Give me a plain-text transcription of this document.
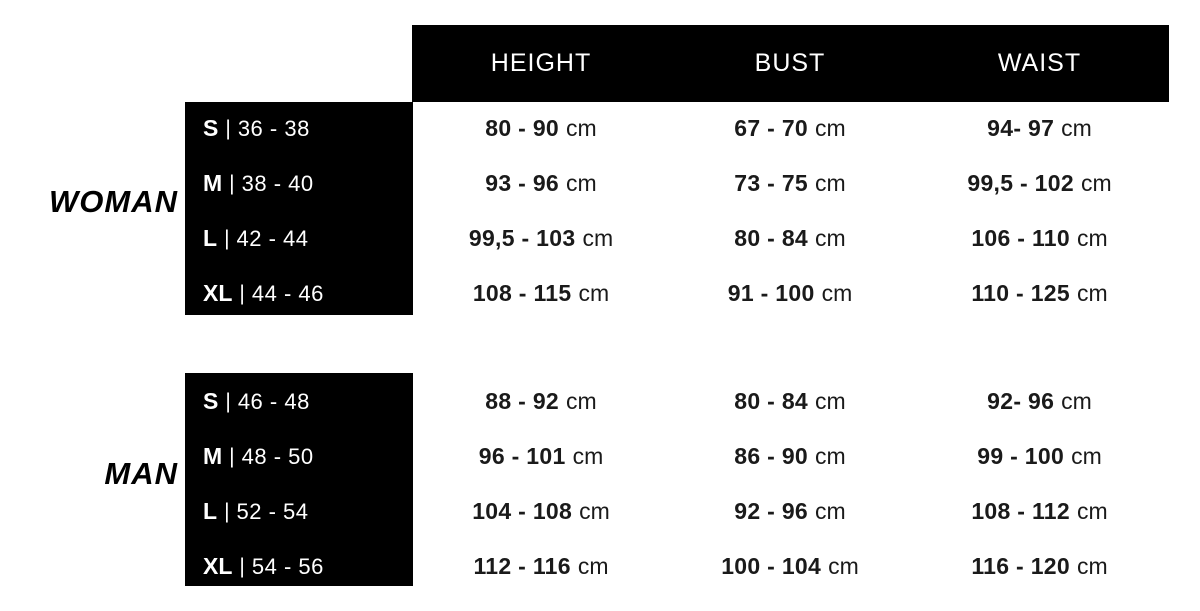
HEIGHT	BUST	WAIST
WOMAN
S | 36 - 38	80 - 90 cm	67 - 70 cm	94- 97 cm
M | 38 - 40	93 - 96 cm	73 - 75 cm	99,5 - 102 cm
L | 42 - 44	99,5 - 103 cm	80 - 84 cm	106 - 110 cm
XL | 44 - 46	108 - 115 cm	91 - 100 cm	110 - 125 cm
MAN
S | 46 - 48	88 - 92 cm	80 - 84 cm	92- 96 cm
M | 48 - 50	96 - 101 cm	86 - 90 cm	99 - 100 cm
L | 52 - 54	104 - 108 cm	92 - 96 cm	108 - 112 cm
XL | 54 - 56	112 - 116 cm	100 - 104 cm	116 - 120 cm
